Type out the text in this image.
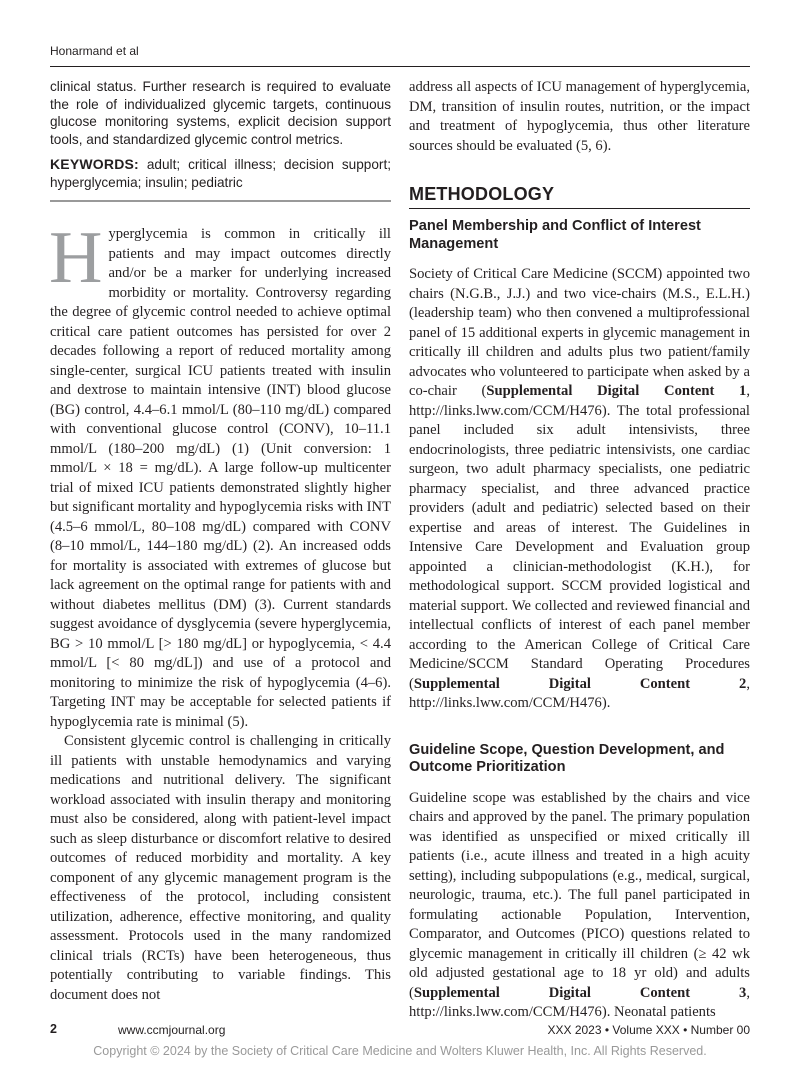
Honarmand et al

clinical status. Further research is required to evaluate the role of individualized glycemic targets, continuous glucose monitoring systems, explicit decision support tools, and standardized glycemic control metrics.

KEYWORDS: adult; critical illness; decision support; hyperglycemia; insulin; pediatric

Hyperglycemia is common in critically ill patients and may impact outcomes directly and/or be a marker for underlying increased morbidity or mortality. Controversy regarding the degree of glycemic control needed to achieve optimal critical care patient outcomes has persisted for over 2 decades following a report of reduced mortality among single-center, surgical ICU patients treated with insulin and dextrose to maintain intensive (INT) blood glucose (BG) control, 4.4–6.1 mmol/L (80–110 mg/dL) compared with conventional glucose control (CONV), 10–11.1 mmol/L (180–200 mg/dL) (1) (Unit conversion: 1 mmol/L × 18 = mg/dL). A large follow-up multicenter trial of mixed ICU patients demonstrated slightly higher but significant mortality and hypoglycemia risks with INT (4.5–6 mmol/L, 80–108 mg/dL) compared with CONV (8–10 mmol/L, 144–180 mg/dL) (2). An increased odds for mortality is associated with extremes of glucose but lack agreement on the optimal range for patients with and without diabetes mellitus (DM) (3). Current standards suggest avoidance of dysglycemia (severe hyperglycemia, BG > 10 mmol/L [> 180 mg/dL] or hypoglycemia, < 4.4 mmol/L [< 80 mg/dL]) and use of a protocol and monitoring to minimize the risk of hypoglycemia (4–6). Targeting INT may be acceptable for selected patients if hypoglycemia rate is minimal (5).

Consistent glycemic control is challenging in critically ill patients with unstable hemodynamics and varying medications and nutritional delivery. The significant workload associated with insulin therapy and monitoring must also be considered, along with patient-level impact such as sleep disturbance or discomfort relative to desired outcomes of reduced morbidity and mortality. A key component of any glycemic management program is the effectiveness of the protocol, including consistent utilization, adherence, effective monitoring, and quality assessment. Protocols used in the many randomized clinical trials (RCTs) have been heterogeneous, thus potentially contributing to variable findings. This document does not

address all aspects of ICU management of hyperglycemia, DM, transition of insulin routes, nutrition, or the impact and treatment of hypoglycemia, thus other literature sources should be evaluated (5, 6).

METHODOLOGY
Panel Membership and Conflict of Interest Management

Society of Critical Care Medicine (SCCM) appointed two chairs (N.G.B., J.J.) and two vice-chairs (M.S., E.L.H.) (leadership team) who then convened a multiprofessional panel of 15 additional experts in glycemic management in critically ill children and adults plus two patient/family advocates who volunteered to participate when asked by a co-chair (Supplemental Digital Content 1, http://links.lww.com/CCM/H476). The total professional panel included six adult intensivists, three endocrinologists, three pediatric intensivists, one cardiac surgeon, two adult pharmacy specialists, one pediatric pharmacy specialist, and three advanced practice providers (adult and pediatric) selected based on their expertise and areas of interest. The Guidelines in Intensive Care Development and Evaluation group appointed a clinician-methodologist (K.H.), for methodological support. SCCM provided logistical and material support. We collected and reviewed financial and intellectual conflicts of interest of each panel member according to the American College of Critical Care Medicine/SCCM Standard Operating Procedures (Supplemental Digital Content 2, http://links.lww.com/CCM/H476).

Guideline Scope, Question Development, and Outcome Prioritization

Guideline scope was established by the chairs and vice chairs and approved by the panel. The primary population was identified as unspecified or mixed critically ill patients (i.e., acute illness and treated in a high acuity setting), including subpopulations (e.g., medical, surgical, neurologic, trauma, etc.). The full panel participated in formulating actionable Population, Intervention, Comparator, and Outcomes (PICO) questions related to glycemic management in critically ill children (≥ 42 wk old adjusted gestational age to 18 yr old) and adults (Supplemental Digital Content 3, http://links.lww.com/CCM/H476). Neonatal patients

2	www.ccmjournal.org	XXX 2023 • Volume XXX • Number 00
Copyright © 2024 by the Society of Critical Care Medicine and Wolters Kluwer Health, Inc. All Rights Reserved.
